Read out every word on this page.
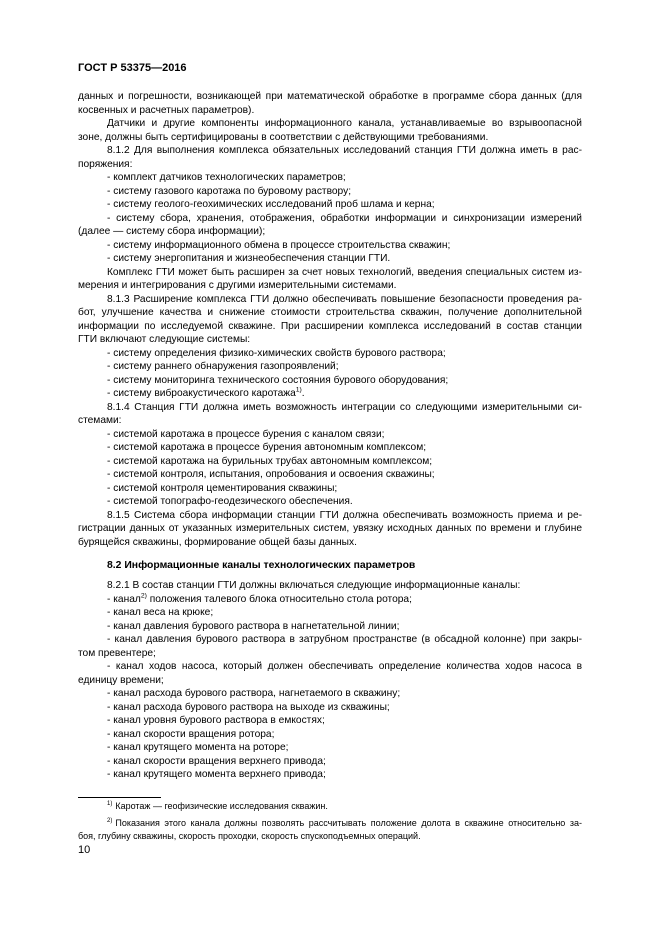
ГОСТ Р 53375—2016
данных и погрешности, возникающей при математической обработке в программе сбора данных (для
косвенных и расчетных параметров).
Датчики и другие компоненты информационного канала, устанавливаемые во взрывоопасной
зоне, должны быть сертифицированы в соответствии с действующими требованиями.
8.1.2 Для выполнения комплекса обязательных исследований станция ГТИ должна иметь в рас-
поряжения:
- комплект датчиков технологических параметров;
- систему газового каротажа по буровому раствору;
- систему геолого-геохимических исследований проб шлама и керна;
- систему сбора, хранения, отображения, обработки информации и синхронизации измерений
(далее — систему сбора информации);
- систему информационного обмена в процессе строительства скважин;
- систему энергопитания и жизнеобеспечения станции ГТИ.
Комплекс ГТИ может быть расширен за счет новых технологий, введения специальных систем из-
мерения и интегрирования с другими измерительными системами.
8.1.3 Расширение комплекса ГТИ должно обеспечивать повышение безопасности проведения ра-
бот, улучшение качества и снижение стоимости строительства скважин, получение дополнительной
информации по исследуемой скважине. При расширении комплекса исследований в состав станции
ГТИ включают следующие системы:
- систему определения физико-химических свойств бурового раствора;
- систему раннего обнаружения газопроявлений;
- систему мониторинга технического состояния бурового оборудования;
- систему виброакустического каротажа$^{1)}$.
8.1.4 Станция ГТИ должна иметь возможность интеграции со следующими измерительными си-
стемами:
- системой каротажа в процессе бурения с каналом связи;
- системой каротажа в процессе бурения автономным комплексом;
- системой каротажа на бурильных трубах автономным комплексом;
- системой контроля, испытания, опробования и освоения скважины;
- системой контроля цементирования скважины;
- системой топографо-геодезического обеспечения.
8.1.5 Система сбора информации станции ГТИ должна обеспечивать возможность приема и ре-
гистрации данных от указанных измерительных систем, увязку исходных данных по времени и глубине
бурящейся скважины, формирование общей базы данных.
8.2 Информационные каналы технологических параметров
8.2.1 В состав станции ГТИ должны включаться следующие информационные каналы:
- канал$^{2)}$ положения талевого блока относительно стола ротора;
- канал веса на крюке;
- канал давления бурового раствора в нагнетательной линии;
- канал давления бурового раствора в затрубном пространстве (в обсадной колонне) при закры-
том превентере;
- канал ходов насоса, который должен обеспечивать определение количества ходов насоса в
единицу времени;
- канал расхода бурового раствора, нагнетаемого в скважину;
- канал расхода бурового раствора на выходе из скважины;
- канал уровня бурового раствора в емкостях;
- канал скорости вращения ротора;
- канал крутящего момента на роторе;
- канал скорости вращения верхнего привода;
- канал крутящего момента верхнего привода;
$^{1)}$ Каротаж — геофизические исследования скважин.
$^{2)}$ Показания этого канала должны позволять рассчитывать положение долота в скважине относительно за-
боя, глубину скважины, скорость проходки, скорость спускоподъемных операций.
10
